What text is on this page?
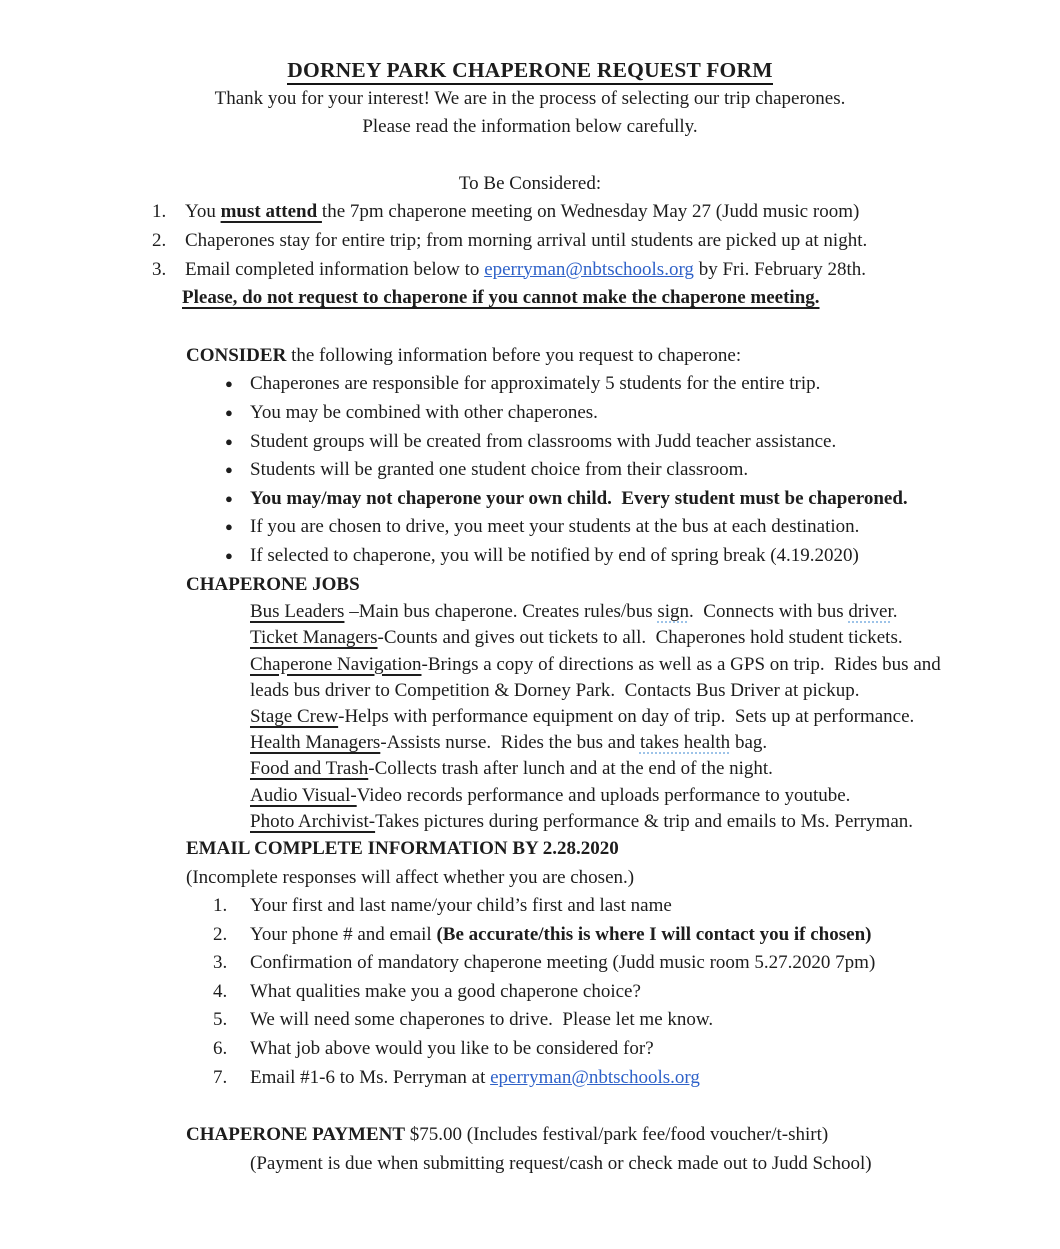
DORNEY PARK CHAPERONE REQUEST FORM
Thank you for your interest! We are in the process of selecting our trip chaperones.
Please read the information below carefully.
To Be Considered:
1. You must attend the 7pm chaperone meeting on Wednesday May 27 (Judd music room)
2. Chaperones stay for entire trip; from morning arrival until students are picked up at night.
3. Email completed information below to eperryman@nbtschools.org by Fri. February 28th.
Please, do not request to chaperone if you cannot make the chaperone meeting.
CONSIDER the following information before you request to chaperone:
● Chaperones are responsible for approximately 5 students for the entire trip.
● You may be combined with other chaperones.
● Student groups will be created from classrooms with Judd teacher assistance.
● Students will be granted one student choice from their classroom.
● You may/may not chaperone your own child.  Every student must be chaperoned.
● If you are chosen to drive, you meet your students at the bus at each destination.
● If selected to chaperone, you will be notified by end of spring break (4.19.2020)
CHAPERONE JOBS
Bus Leaders –Main bus chaperone. Creates rules/bus sign.  Connects with bus driver.
Ticket Managers-Counts and gives out tickets to all.  Chaperones hold student tickets.
Chaperone Navigation-Brings a copy of directions as well as a GPS on trip.  Rides bus and leads bus driver to Competition & Dorney Park.  Contacts Bus Driver at pickup.
Stage Crew-Helps with performance equipment on day of trip.  Sets up at performance.
Health Managers-Assists nurse.  Rides the bus and takes health bag.
Food and Trash-Collects trash after lunch and at the end of the night.
Audio Visual-Video records performance and uploads performance to youtube.
Photo Archivist-Takes pictures during performance & trip and emails to Ms. Perryman.
EMAIL COMPLETE INFORMATION BY 2.28.2020
(Incomplete responses will affect whether you are chosen.)
1.	Your first and last name/your child’s first and last name
2.	Your phone # and email (Be accurate/this is where I will contact you if chosen)
3.	Confirmation of mandatory chaperone meeting (Judd music room 5.27.2020 7pm)
4.	What qualities make you a good chaperone choice?
5.	We will need some chaperones to drive.  Please let me know.
6.	What job above would you like to be considered for?
7.	Email #1-6 to Ms. Perryman at eperryman@nbtschools.org
CHAPERONE PAYMENT $75.00 (Includes festival/park fee/food voucher/t-shirt)
(Payment is due when submitting request/cash or check made out to Judd School)
